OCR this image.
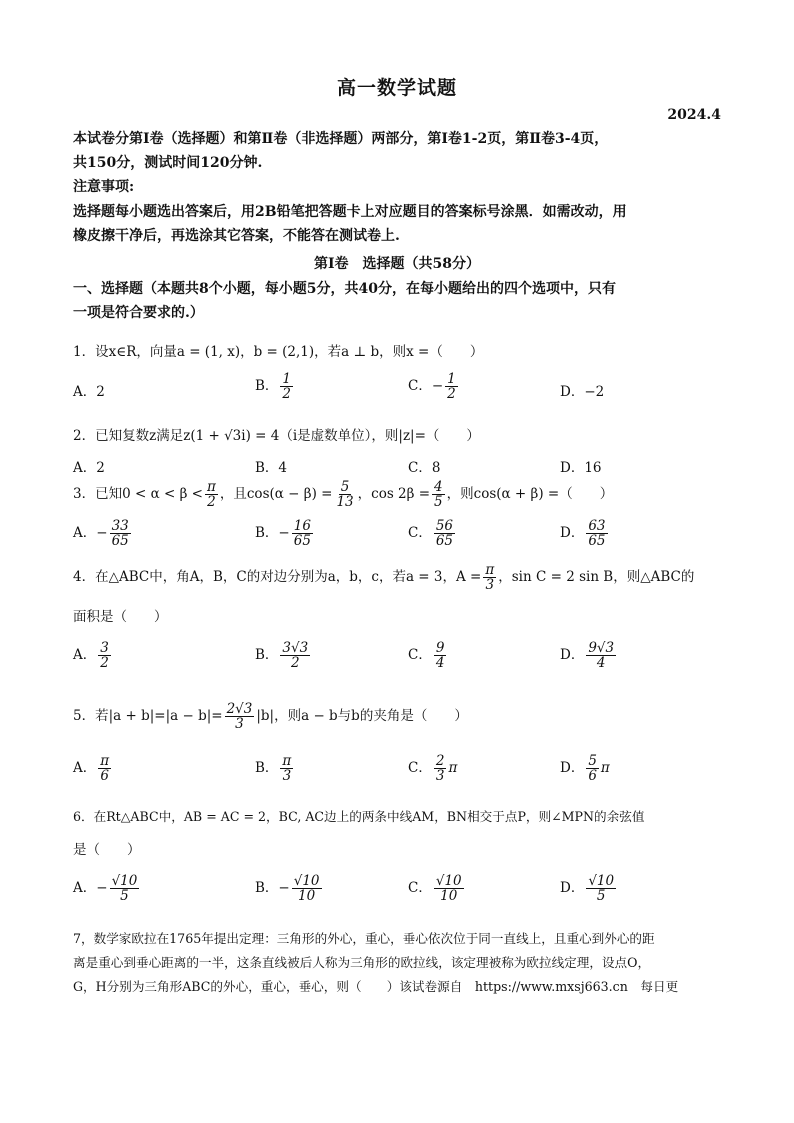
高一数学试题
2024.4
本试卷分第Ⅰ卷（选择题）和第Ⅱ卷（非选择题）两部分，第Ⅰ卷1-2页，第Ⅱ卷3-4页，
共150分，测试时间120分钟.
注意事项:
选择题每小题选出答案后，用2B铅笔把答题卡上对应题目的答案标号涂黑．如需改动，用
橡皮擦干净后，再选涂其它答案，不能答在测试卷上.
第Ⅰ卷　选择题（共58分）
一、选择题（本题共8个小题，每小题5分，共40分，在每小题给出的四个选项中，只有
一项是符合要求的.）
1．设x∈R，向量a = (1, x)，b = (2,1)，若a ⊥ b，则x =（　　）
A．2	B． $\frac{1}{2}$	C．− $\frac{1}{2}$	D．−2
2．已知复数z满足z(1 + √3i) = 4（i是虚数单位），则|z|=（　　）
A．2	B．4	C．8	D．16
3．已知$0 < \alpha < \beta < \frac{\pi}{2}$ ，且$\cos(\alpha - \beta) = \frac{5}{13}$ ，$\cos 2\beta = \frac{4}{5}$ ，则cos(α + β) =（　　）
A．− $\frac{33}{65}$	B．− $\frac{16}{65}$	C． $\frac{56}{65}$	D． $\frac{63}{65}$
4．在△ABC中，角A，B，C的对边分别为a，b，c，若a = 3，$A = \frac{\pi}{3}$ ，sin C = 2 sin B，则△ABC的
面积是（　　）
A． $\frac{3}{2}$	B． $\frac{3√3}{2}$	C． $\frac{9}{4}$	D． $\frac{9√3}{4}$
5．若$|a + b|=|a - b|= \frac{2√3}{3} |b|$，则a − b与b的夹角是（　　）
A． $\frac{\pi}{6}$	B． $\frac{\pi}{3}$	C． $\frac{2}{3}$ π	D． $\frac{5}{6}$ π
6．在Rt△ABC中，AB = AC = 2，BC, AC边上的两条中线AM，BN相交于点P，则∠MPN的余弦值
是（　　）
A．− $\frac{√10}{5}$	B．− $\frac{√10}{10}$	C． $\frac{√10}{10}$	D． $\frac{√10}{5}$
7，数学家欧拉在1765年提出定理：三角形的外心，重心，垂心依次位于同一直线上，且重心到外心的距
离是重心到垂心距离的一半，这条直线被后人称为三角形的欧拉线，该定理被称为欧拉线定理，设点O，
G，H分别为三角形ABC的外心，重心，垂心，则（　　）该试卷源自　https://www.mxsj663.cn　每日更
